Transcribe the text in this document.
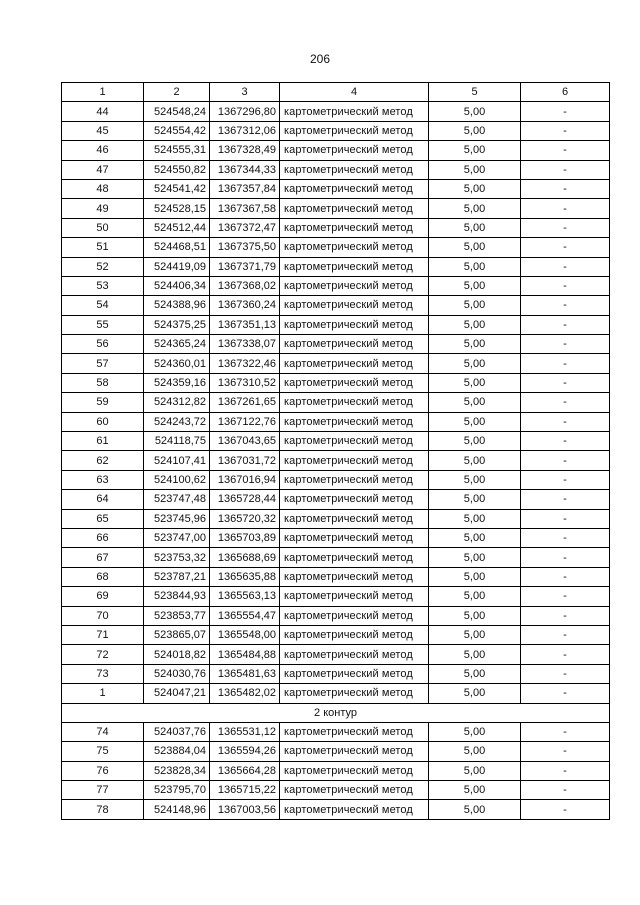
206
1	2	3	4	5	6
44	524548,24	1367296,80	картометрический метод	5,00	-
45	524554,42	1367312,06	картометрический метод	5,00	-
46	524555,31	1367328,49	картометрический метод	5,00	-
47	524550,82	1367344,33	картометрический метод	5,00	-
48	524541,42	1367357,84	картометрический метод	5,00	-
49	524528,15	1367367,58	картометрический метод	5,00	-
50	524512,44	1367372,47	картометрический метод	5,00	-
51	524468,51	1367375,50	картометрический метод	5,00	-
52	524419,09	1367371,79	картометрический метод	5,00	-
53	524406,34	1367368,02	картометрический метод	5,00	-
54	524388,96	1367360,24	картометрический метод	5,00	-
55	524375,25	1367351,13	картометрический метод	5,00	-
56	524365,24	1367338,07	картометрический метод	5,00	-
57	524360,01	1367322,46	картометрический метод	5,00	-
58	524359,16	1367310,52	картометрический метод	5,00	-
59	524312,82	1367261,65	картометрический метод	5,00	-
60	524243,72	1367122,76	картометрический метод	5,00	-
61	524118,75	1367043,65	картометрический метод	5,00	-
62	524107,41	1367031,72	картометрический метод	5,00	-
63	524100,62	1367016,94	картометрический метод	5,00	-
64	523747,48	1365728,44	картометрический метод	5,00	-
65	523745,96	1365720,32	картометрический метод	5,00	-
66	523747,00	1365703,89	картометрический метод	5,00	-
67	523753,32	1365688,69	картометрический метод	5,00	-
68	523787,21	1365635,88	картометрический метод	5,00	-
69	523844,93	1365563,13	картометрический метод	5,00	-
70	523853,77	1365554,47	картометрический метод	5,00	-
71	523865,07	1365548,00	картометрический метод	5,00	-
72	524018,82	1365484,88	картометрический метод	5,00	-
73	524030,76	1365481,63	картометрический метод	5,00	-
1	524047,21	1365482,02	картометрический метод	5,00	-
2 контур					
74	524037,76	1365531,12	картометрический метод	5,00	-
75	523884,04	1365594,26	картометрический метод	5,00	-
76	523828,34	1365664,28	картометрический метод	5,00	-
77	523795,70	1365715,22	картометрический метод	5,00	-
78	524148,96	1367003,56	картометрический метод	5,00	-
